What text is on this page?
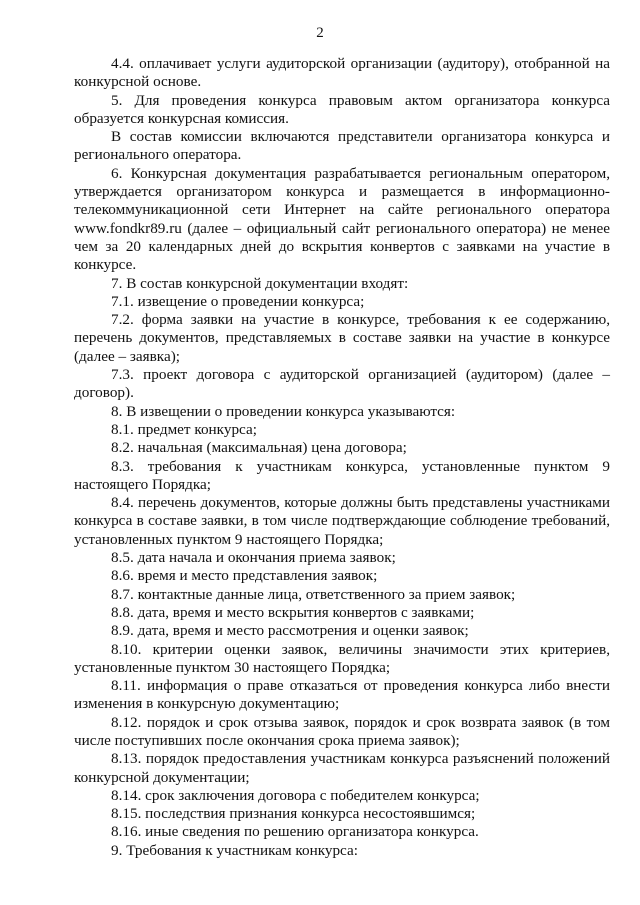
2

4.4. оплачивает услуги аудиторской организации (аудитору), отобранной на конкурсной основе.

5. Для проведения конкурса правовым актом организатора конкурса образуется конкурсная комиссия.

В состав комиссии включаются представители организатора конкурса и регионального оператора.

6. Конкурсная документация разрабатывается региональным оператором, утверждается организатором конкурса и размещается в информационно-телекоммуникационной сети Интернет на сайте регионального оператора www.fondkr89.ru (далее – официальный сайт регионального оператора) не менее чем за 20 календарных дней до вскрытия конвертов с заявками на участие в конкурсе.

7. В состав конкурсной документации входят:

7.1. извещение о проведении конкурса;

7.2. форма заявки на участие в конкурсе, требования к ее содержанию, перечень документов, представляемых в составе заявки на участие в конкурсе (далее – заявка);

7.3. проект договора с аудиторской организацией (аудитором) (далее – договор).

8. В извещении о проведении конкурса указываются:

8.1. предмет конкурса;

8.2. начальная (максимальная) цена договора;

8.3. требования к участникам конкурса, установленные пунктом 9 настоящего Порядка;

8.4. перечень документов, которые должны быть представлены участниками конкурса в составе заявки, в том числе подтверждающие соблюдение требований, установленных пунктом 9 настоящего Порядка;

8.5. дата начала и окончания приема заявок;

8.6. время и место представления заявок;

8.7. контактные данные лица, ответственного за прием заявок;

8.8. дата, время и место вскрытия конвертов с заявками;

8.9. дата, время и место рассмотрения и оценки заявок;

8.10. критерии оценки заявок, величины значимости этих критериев, установленные пунктом 30 настоящего Порядка;

8.11. информация о праве отказаться от проведения конкурса либо внести изменения в конкурсную документацию;

8.12. порядок и срок отзыва заявок, порядок и срок возврата заявок (в том числе поступивших после окончания срока приема заявок);

8.13. порядок предоставления участникам конкурса разъяснений положений конкурсной документации;

8.14. срок заключения договора с победителем конкурса;

8.15. последствия признания конкурса несостоявшимся;

8.16. иные сведения по решению организатора конкурса.

9. Требования к участникам конкурса:
